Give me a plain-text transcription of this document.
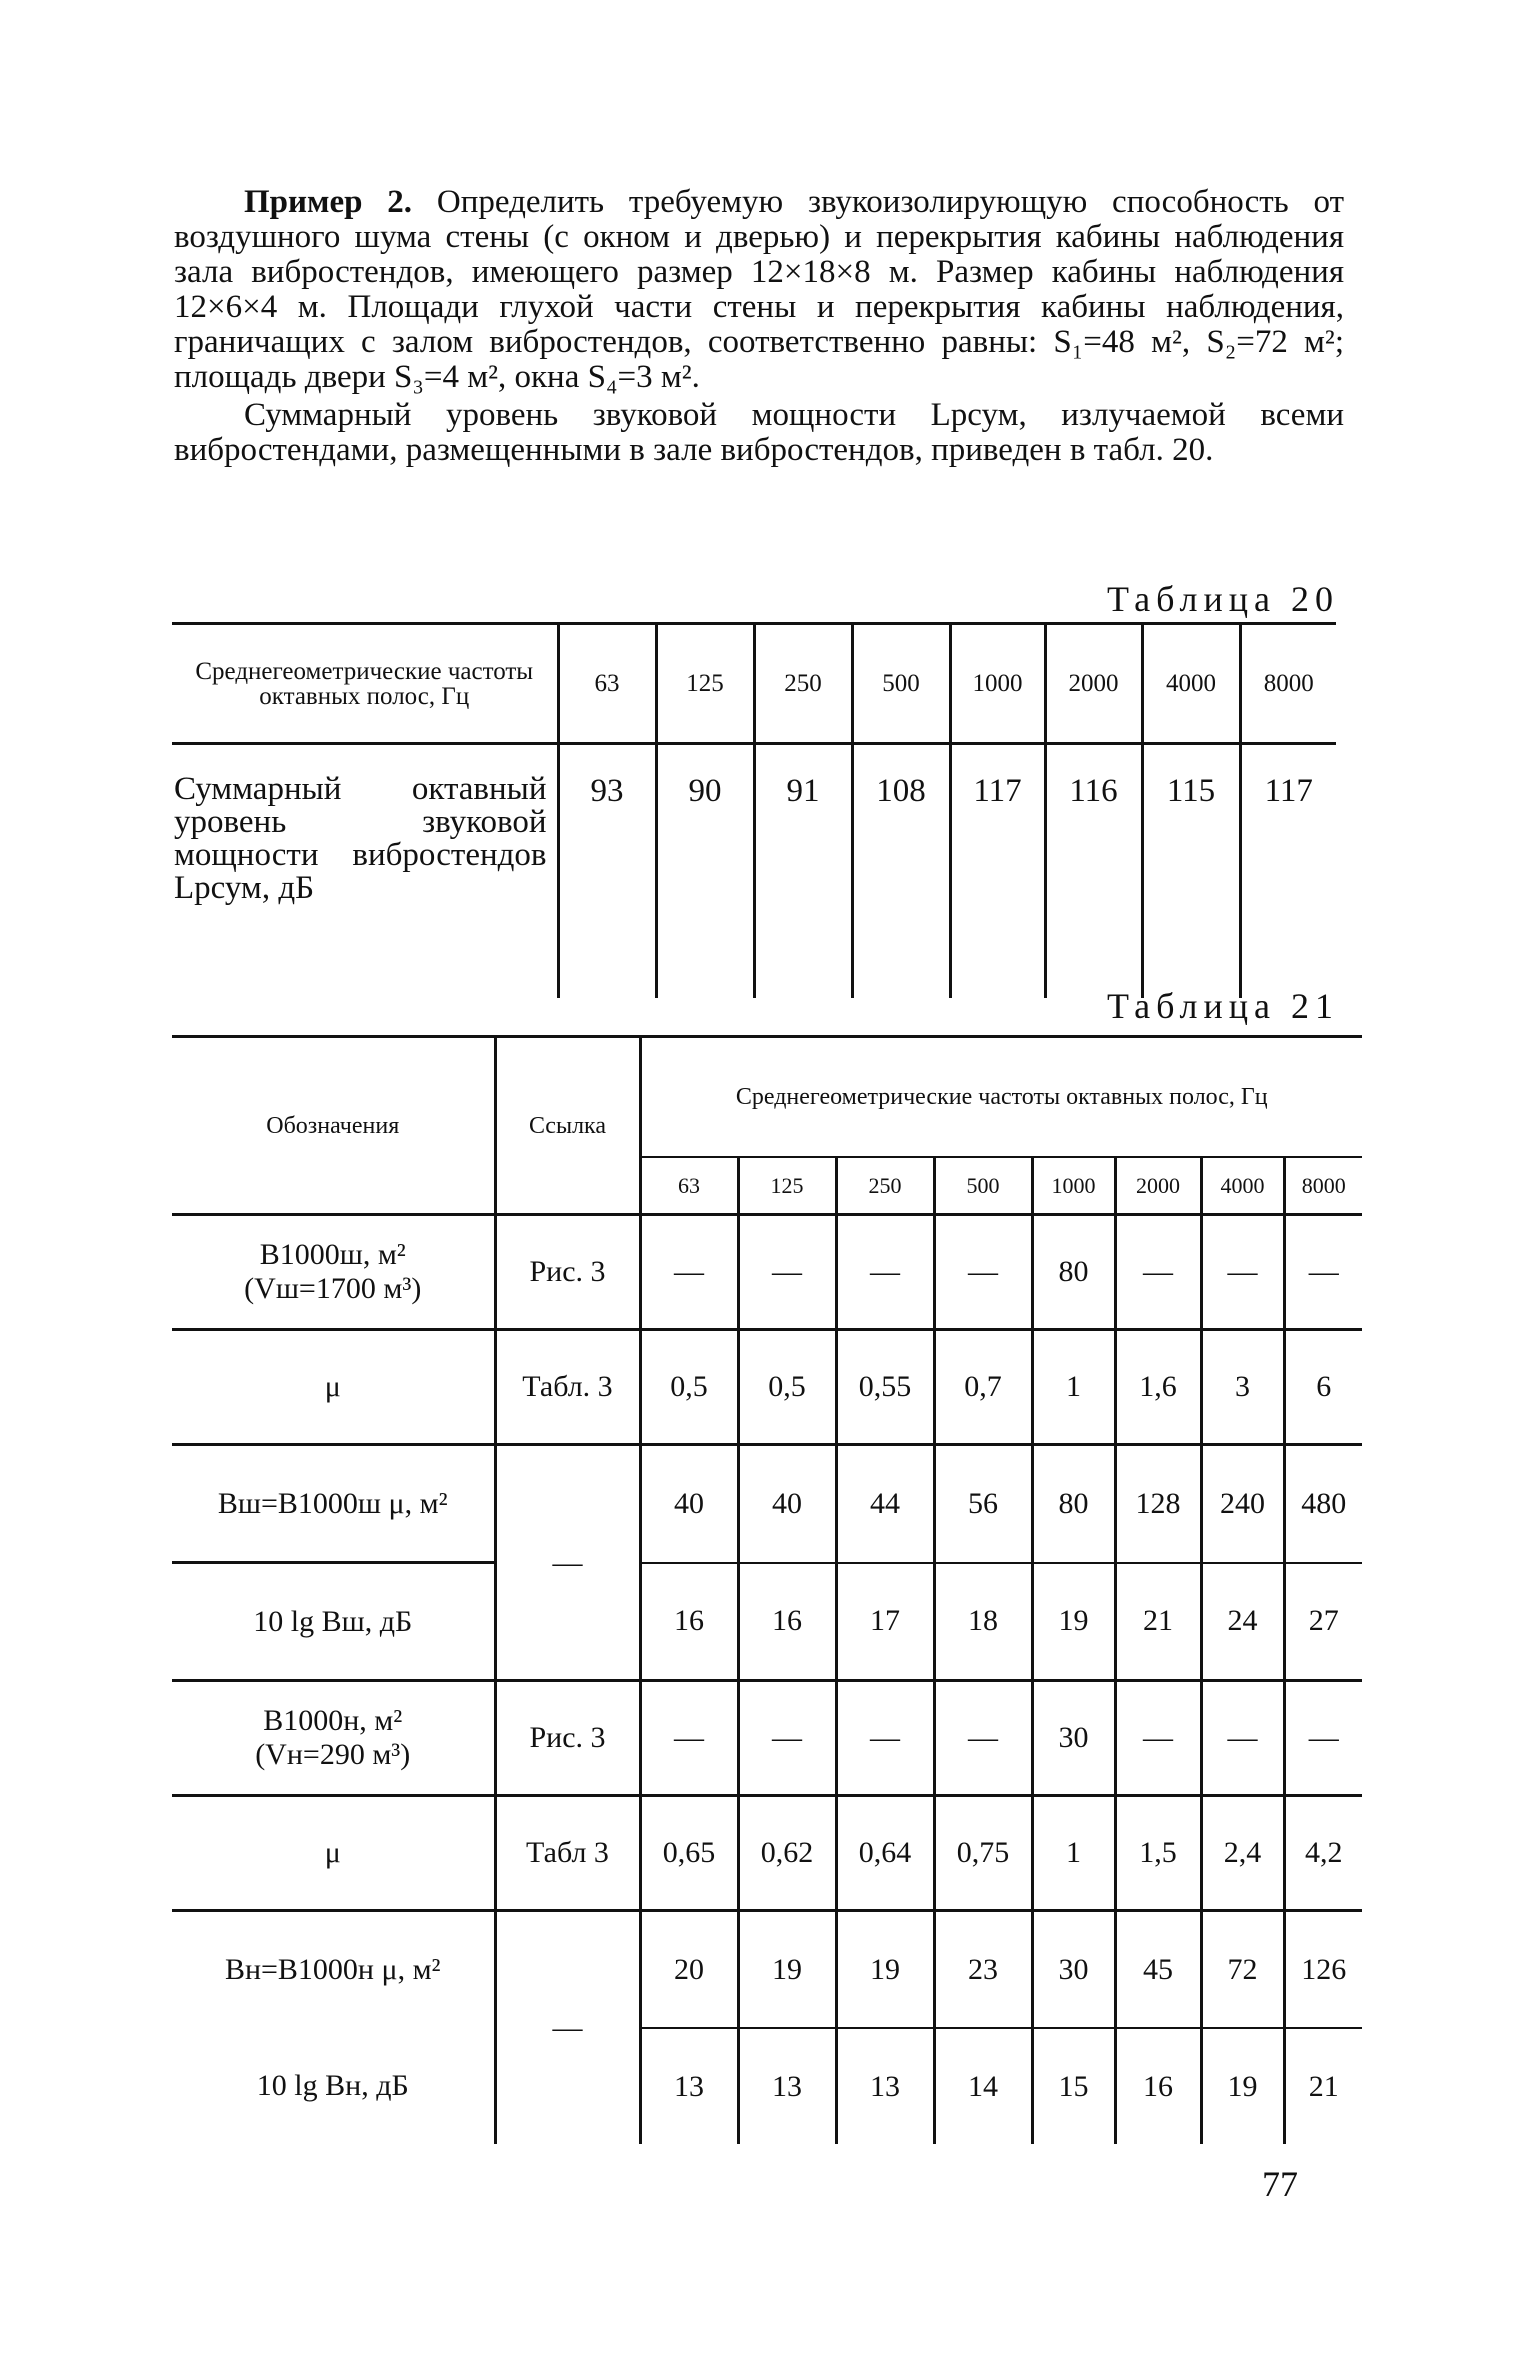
Пример 2. Определить требуемую звукоизолирующую способность от воздушного шума стены (с окном и дверью) и перекрытия кабины наблюдения зала вибростендов, имеющего размер 12×18×8 м. Размер кабины наблюдения 12×6×4 м. Площади глухой части стены и перекрытия кабины наблюдения, граничащих с залом вибростендов, соответственно равны: S₁=48 м², S₂=72 м²; площадь двери S₃=4 м², окна S₄=3 м².

Суммарный уровень звуковой мощности Lpсум, излучаемой всеми вибростендами, размещенными в зале вибростендов, приведен в табл. 20.

Таблица 20
Среднегеометрические частоты октавных полос, Гц	63	125	250	500	1000	2000	4000	8000
Суммарный октавный уровень звуковой мощности вибростендов Lpсум, дБ	93	90	91	108	117	116	115	117
Таблица 21
Обозначения	Ссылка	Среднегеометрические частоты октавных полос, Гц							
		63	125	250	500	1000	2000	4000	8000

B1000ш, м²
(Vш=1700 м³)	Рис. 3	—	—	—	—	80	—	—	—
μ	Табл. 3	0,5	0,5	0,55	0,7	1	1,6	3	6
Bш=B1000ш μ, м²	—	40	40	44	56	80	128	240	480
10 lg Bш, дБ		16	16	17	18	19	21	24	27

B1000н, м²
(Vн=290 м³)	Рис. 3	—	—	—	—	30	—	—	—
μ	Табл 3	0,65	0,62	0,64	0,75	1	1,5	2,4	4,2
Bн=B1000н μ, м²	—	20	19	19	23	30	45	72	126
10 lg Bн, дБ		13	13	13	14	15	16	19	21
77
